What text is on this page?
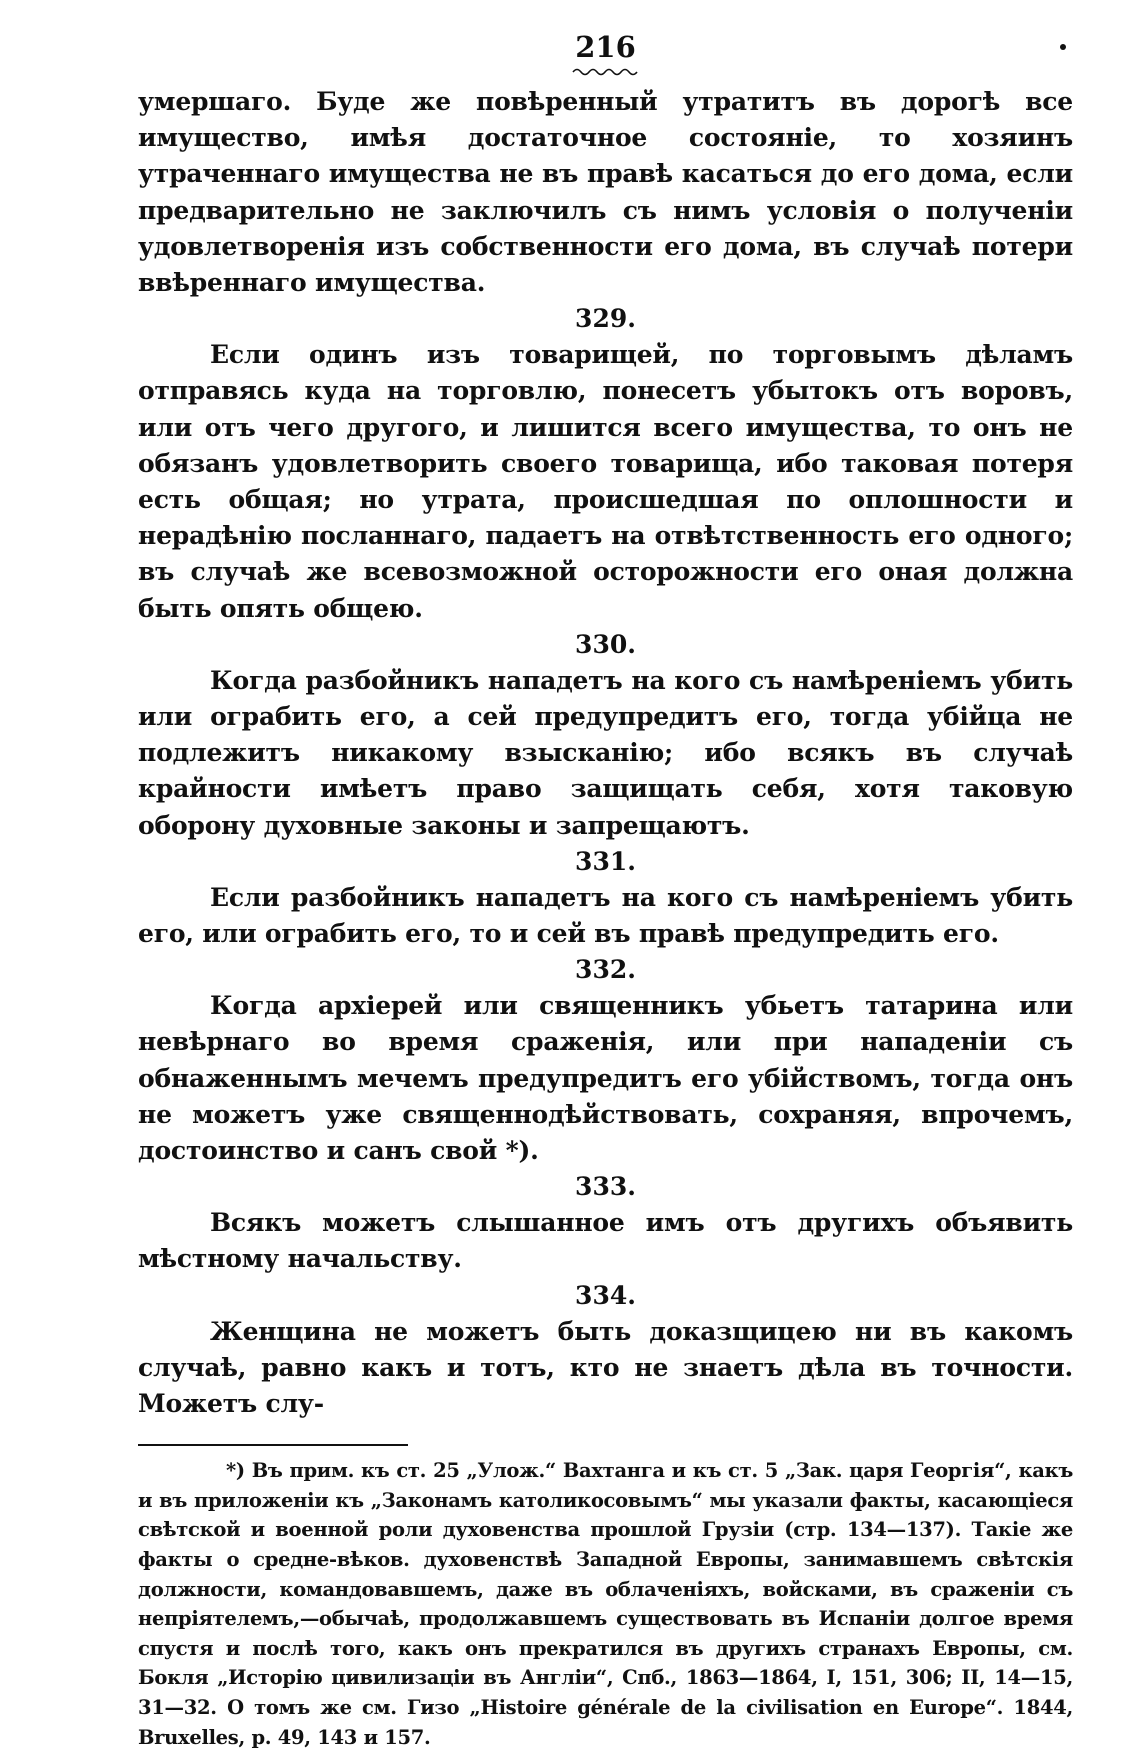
216

умершаго. Буде же повѣренный утратитъ въ дорогѣ все имущество, имѣя достаточное состоянiе, то хозяинъ утраченнаго имущества не въ правѣ касаться до его дома, если предварительно не заключилъ съ нимъ условiя о полученiи удовлетворенiя изъ собственности его дома, въ случаѣ потери ввѣреннаго имущества.

329.

Если одинъ изъ товарищей, по торговымъ дѣламъ отправясь куда на торговлю, понесетъ убытокъ отъ воровъ, или отъ чего другого, и лишится всего имущества, то онъ не обязанъ удовлетворить своего товарища, ибо таковая потеря есть общая; но утрата, происшедшая по оплошности и нерадѣнiю посланнаго, падаетъ на отвѣтственность его одного; въ случаѣ же всевозможной осторожности его оная должна быть опять общею.

330.

Когда разбойникъ нападетъ на кого съ намѣренiемъ убить или ограбить его, а сей предупредитъ его, тогда убiйца не подлежитъ никакому взысканiю; ибо всякъ въ случаѣ крайности имѣетъ право защищать себя, хотя таковую оборону духовные законы и запрещаютъ.

331.

Если разбойникъ нападетъ на кого съ намѣренiемъ убить его, или ограбить его, то и сей въ правѣ предупредить его.

332.

Когда архiерей или священникъ убьетъ татарина или невѣрнаго во время сраженiя, или при нападенiи съ обнаженнымъ мечемъ предупредитъ его убiйствомъ, тогда онъ не можетъ уже священнодѣйствовать, сохраняя, впрочемъ, достоинство и санъ свой *).

333.

Всякъ можетъ слышанное имъ отъ другихъ объявить мѣстному начальству.

334.

Женщина не можетъ быть доказщицею ни въ какомъ случаѣ, равно какъ и тотъ, кто не знаетъ дѣла въ точности. Можетъ слу-

*) Въ прим. къ ст. 25 „Улож.“ Вахтанга и къ ст. 5 „Зак. царя Георгiя“, какъ и въ приложенiи къ „Законамъ католикосовымъ“ мы указали факты, касающiеся свѣтской и военной роли духовенства прошлой Грузiи (стр. 134—137). Такiе же факты о средне-вѣков. духовенствѣ Западной Европы, занимавшемъ свѣтскiя должности, командовавшемъ, даже въ облаченiяхъ, войсками, въ сраженiи съ непрiятелемъ,—обычаѣ, продолжавшемъ существовать въ Испанiи долгое время спустя и послѣ того, какъ онъ прекратился въ другихъ странахъ Европы, см. Бокля „Исторiю цивилизацiи въ Англiи“, Спб., 1863—1864, I, 151, 306; II, 14—15, 31—32. О томъ же см. Гизо „Histoire générale de la civilisation en Europe“. 1844, Bruxelles, p. 49, 143 и 157.
